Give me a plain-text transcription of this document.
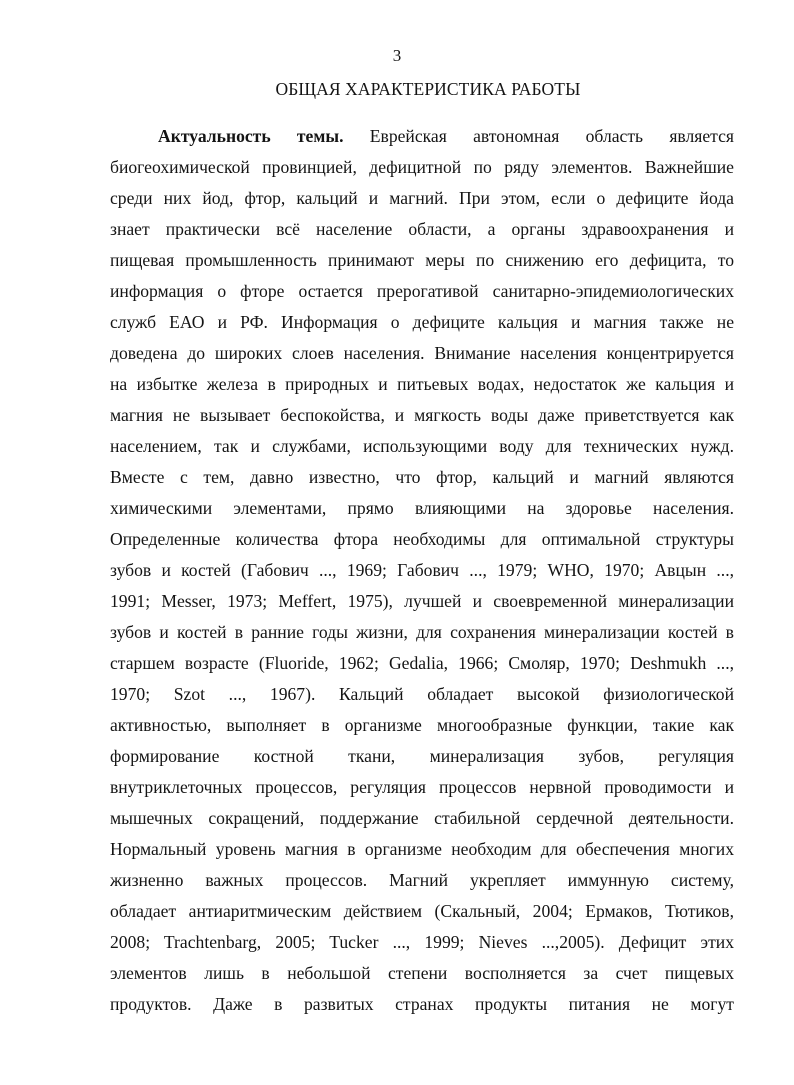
3
ОБЩАЯ ХАРАКТЕРИСТИКА РАБОТЫ
Актуальность темы. Еврейская автономная область является
биогеохимической провинцией, дефицитной по ряду элементов. Важнейшие
среди них йод, фтор, кальций и магний. При этом, если о дефиците йода
знает практически всё население области, а органы здравоохранения и
пищевая промышленность принимают меры по снижению его дефицита, то
информация о фторе остается прерогативой санитарно-эпидемиологических
служб ЕАО и РФ. Информация о дефиците кальция и магния также не
доведена до широких слоев населения. Внимание населения концентрируется
на избытке железа в природных и питьевых водах, недостаток же кальция и
магния не вызывает беспокойства, и мягкость воды даже приветствуется как
населением, так и службами, использующими воду для технических нужд.
Вместе с тем, давно известно, что фтор, кальций и магний являются
химическими элементами, прямо влияющими на здоровье населения.
Определенные количества фтора необходимы для оптимальной структуры
зубов и костей (Габович ..., 1969; Габович ..., 1979; WHO, 1970; Авцын ...,
1991; Messer, 1973; Meffert, 1975), лучшей и своевременной минерализации
зубов и костей в ранние годы жизни, для сохранения минерализации костей в
старшем возрасте (Fluoride, 1962; Gedalia, 1966; Смоляр, 1970; Deshmukh ...,
1970; Szot ..., 1967). Кальций обладает высокой физиологической
активностью, выполняет в организме многообразные функции, такие как
формирование костной ткани, минерализация зубов, регуляция
внутриклеточных процессов, регуляция процессов нервной проводимости и
мышечных сокращений, поддержание стабильной сердечной деятельности.
Нормальный уровень магния в организме необходим для обеспечения многих
жизненно важных процессов. Магний укрепляет иммунную систему,
обладает антиаритмическим действием (Скальный, 2004; Ермаков, Тютиков,
2008; Trachtenbarg, 2005; Tucker ..., 1999; Nieves ...,2005). Дефицит этих
элементов лишь в небольшой степени восполняется за счет пищевых
продуктов. Даже в развитых странах продукты питания не могут
